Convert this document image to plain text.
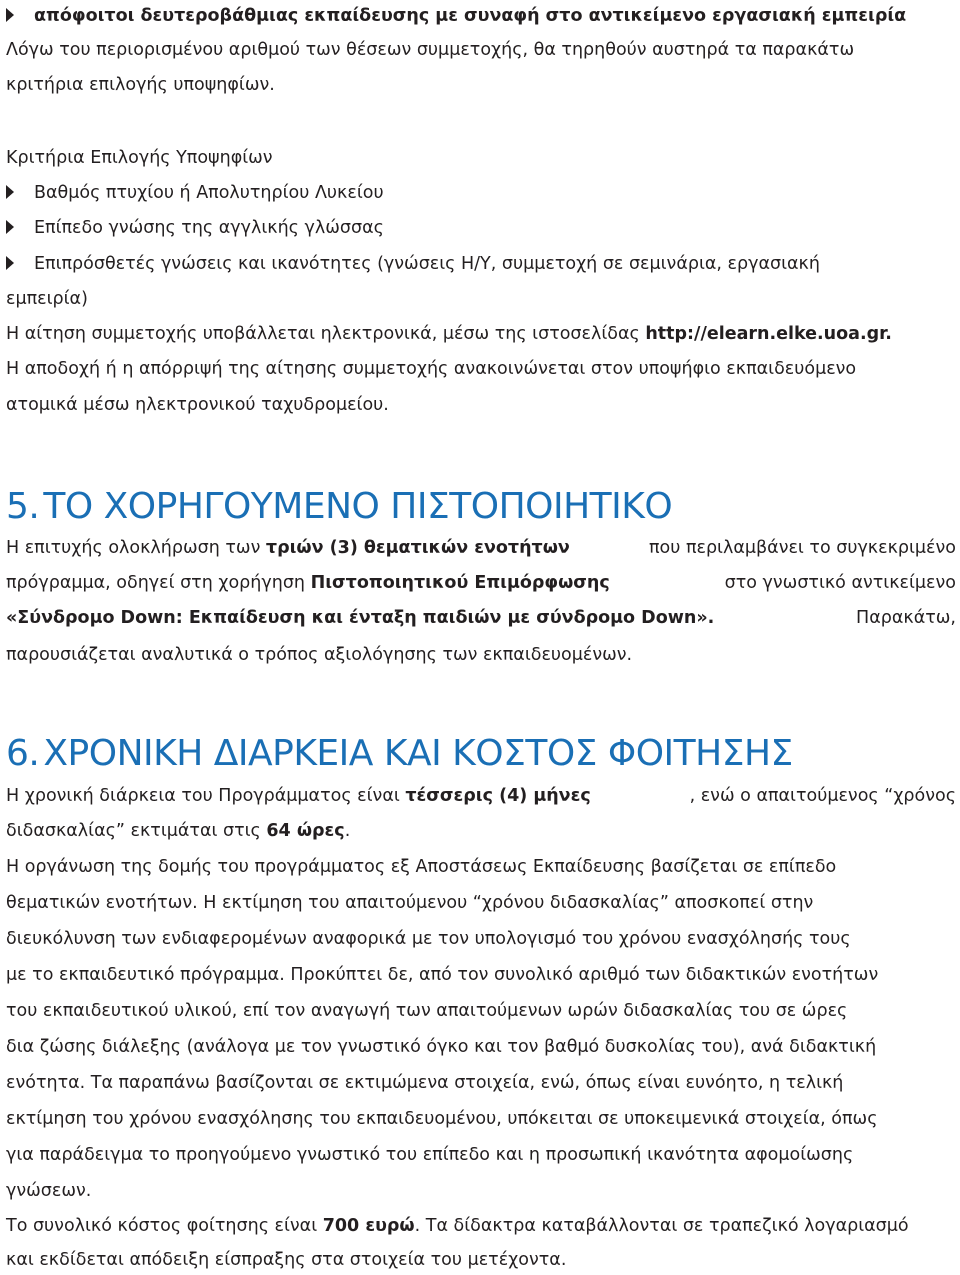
απόφοιτοι δευτεροβάθμιας εκπαίδευσης με συναφή στο αντικείμενο εργασιακή εμπειρία
Λόγω του περιορισμένου αριθμού των θέσεων συμμετοχής, θα τηρηθούν αυστηρά τα παρακάτω
κριτήρια επιλογής υποψηφίων.
Κριτήρια Επιλογής Υποψηφίων
Βαθμός πτυχίου ή Απολυτηρίου Λυκείου
Επίπεδο γνώσης της αγγλικής γλώσσας
Επιπρόσθετές γνώσεις και ικανότητες (γνώσεις Η/Υ, συμμετοχή σε σεμινάρια, εργασιακή
εμπειρία)
Η αίτηση συμμετοχής υποβάλλεται ηλεκτρονικά, μέσω της ιστοσελίδας http://elearn.elke.uoa.gr.
Η αποδοχή ή η απόρριψή της αίτησης συμμετοχής ανακοινώνεται στον υποψήφιο εκπαιδευόμενο
ατομικά μέσω ηλεκτρονικού ταχυδρομείου.
5. ΤΟ ΧΟΡΗΓΟΥΜΕΝΟ ΠΙΣΤΟΠΟΙΗΤΙΚΟ
Η επιτυχής ολοκλήρωση των τριών (3) θεματικών ενοτήτων	που περιλαμβάνει το συγκεκριμένο
πρόγραμμα, οδηγεί στη χορήγηση Πιστοποιητικού Επιμόρφωσης	στο γνωστικό αντικείμενο
«Σύνδρομο Down: Εκπαίδευση και ένταξη παιδιών με σύνδρομο Down».	Παρακάτω,
παρουσιάζεται αναλυτικά ο τρόπος αξιολόγησης των εκπαιδευομένων.
6. ΧΡΟΝΙΚΗ ΔΙΑΡΚΕΙΑ ΚΑΙ ΚΟΣΤΟΣ ΦΟΙΤΗΣΗΣ
Η χρονική διάρκεια του Προγράμματος είναι τέσσερις (4) μήνες	, ενώ ο απαιτούμενος “χρόνος
διδασκαλίας” εκτιμάται στις 64 ώρες.
Η οργάνωση της δομής του προγράμματος εξ Αποστάσεως Εκπαίδευσης βασίζεται σε επίπεδο
θεματικών ενοτήτων. Η εκτίμηση του απαιτούμενου “χρόνου διδασκαλίας” αποσκοπεί στην
διευκόλυνση των ενδιαφερομένων αναφορικά με τον υπολογισμό του χρόνου ενασχόλησής τους
με το εκπαιδευτικό πρόγραμμα. Προκύπτει δε, από τον συνολικό αριθμό των διδακτικών ενοτήτων
του εκπαιδευτικού υλικού, επί τον αναγωγή των απαιτούμενων ωρών διδασκαλίας του σε ώρες
δια ζώσης διάλεξης (ανάλογα με τον γνωστικό όγκο και τον βαθμό δυσκολίας του), ανά διδακτική
ενότητα. Τα παραπάνω βασίζονται σε εκτιμώμενα στοιχεία, ενώ, όπως είναι ευνόητο, η τελική
εκτίμηση του χρόνου ενασχόλησης του εκπαιδευομένου, υπόκειται σε υποκειμενικά στοιχεία, όπως
για παράδειγμα το προηγούμενο γνωστικό του επίπεδο και η προσωπική ικανότητα αφομοίωσης
γνώσεων.
Το συνολικό κόστος φοίτησης είναι 700 ευρώ. Τα δίδακτρα καταβάλλονται σε τραπεζικό λογαριασμό
και εκδίδεται απόδειξη είσπραξης στα στοιχεία του μετέχοντα.
